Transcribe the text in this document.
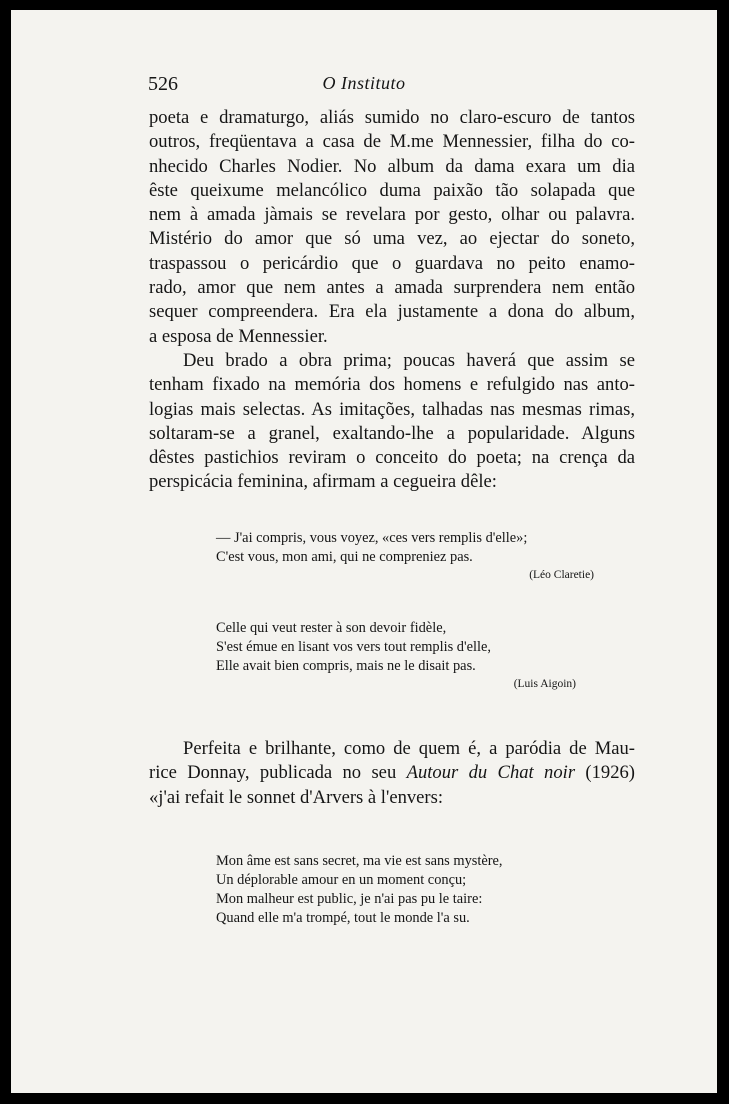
526	O Instituto
poeta e dramaturgo, aliás sumido no claro-escuro de tantos
outros, freqüentava a casa de M.me Mennessier, filha do co-
nhecido Charles Nodier. No album da dama exara um dia
êste queixume melancólico duma paixão tão solapada que
nem à amada jàmais se revelara por gesto, olhar ou palavra.
Mistério do amor que só uma vez, ao ejectar do soneto,
traspassou o pericárdio que o guardava no peito enamo-
rado, amor que nem antes a amada surprendera nem então
sequer compreendera. Era ela justamente a dona do album,
a esposa de Mennessier.
Deu brado a obra prima; poucas haverá que assim se
tenham fixado na memória dos homens e refulgido nas anto-
logias mais selectas. As imitações, talhadas nas mesmas rimas,
soltaram-se a granel, exaltando-lhe a popularidade. Alguns
dêstes pastichios reviram o conceito do poeta; na crença da
perspicácia feminina, afirmam a cegueira dêle:
— J'ai compris, vous voyez, «ces vers remplis d'elle»;
C'est vous, mon ami, qui ne compreniez pas.
(Léo Claretie)
Celle qui veut rester à son devoir fidèle,
S'est émue en lisant vos vers tout remplis d'elle,
Elle avait bien compris, mais ne le disait pas.
(Luis Aigoin)
Perfeita e brilhante, como de quem é, a paródia de Mau-
rice Donnay, publicada no seu Autour du Chat noir (1926)
«j'ai refait le sonnet d'Arvers à l'envers:
Mon âme est sans secret, ma vie est sans mystère,
Un déplorable amour en un moment conçu;
Mon malheur est public, je n'ai pas pu le taire:
Quand elle m'a trompé, tout le monde l'a su.
